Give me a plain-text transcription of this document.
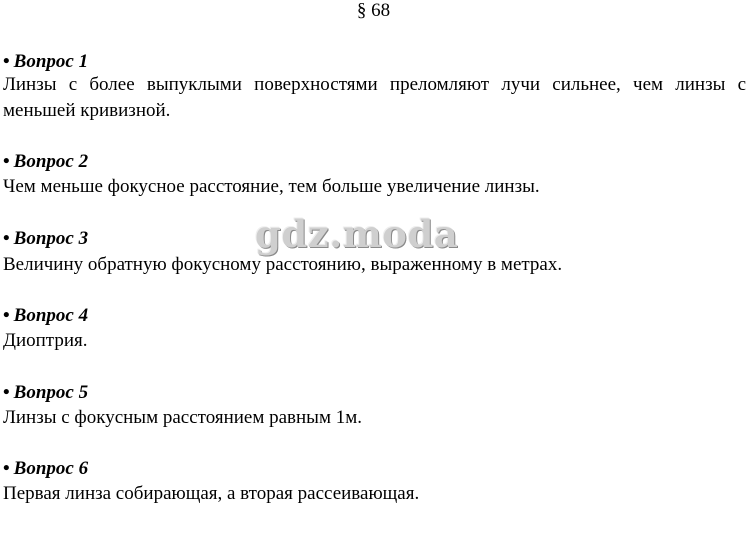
§ 68
• Вопрос 1
Линзы с более выпуклыми поверхностями преломляют лучи сильнее, чем линзы с меньшей кривизной.
• Вопрос 2
Чем меньше фокусное расстояние, тем больше увеличение линзы.
• Вопрос 3
Величину обратную фокусному расстоянию, выраженному в метрах.
• Вопрос 4
Диоптрия.
• Вопрос 5
Линзы с фокусным расстоянием равным 1м.
• Вопрос 6
Первая линза собирающая, а вторая рассеивающая.
gdz.moda
